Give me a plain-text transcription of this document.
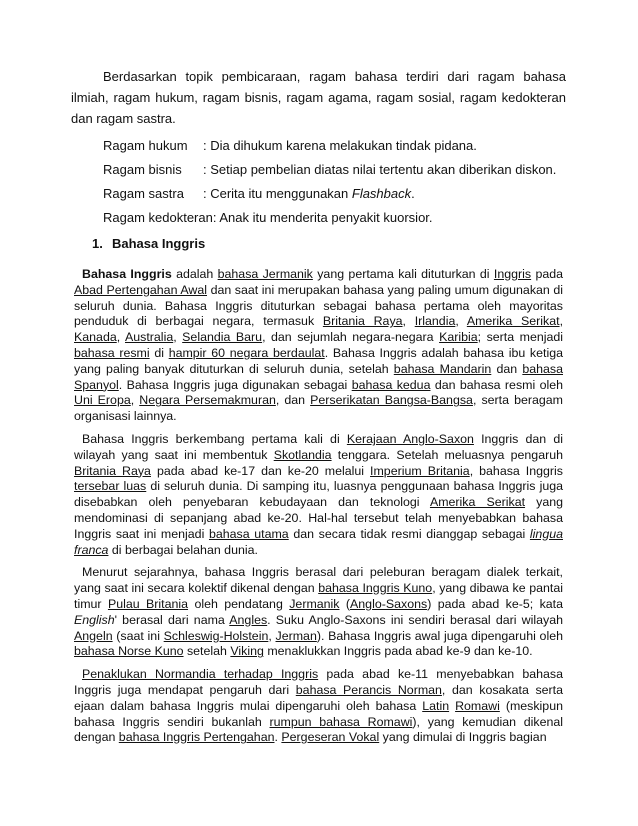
Berdasarkan topik pembicaraan, ragam bahasa terdiri dari ragam bahasa ilmiah, ragam hukum, ragam bisnis, ragam agama, ragam sosial, ragam kedokteran dan ragam sastra.

Ragam hukum : Dia dihukum karena melakukan tindak pidana.
Ragam bisnis : Setiap pembelian diatas nilai tertentu akan diberikan diskon.
Ragam sastra : Cerita itu menggunakan Flashback.
Ragam kedokteran: Anak itu menderita penyakit kuorsior.
1. Bahasa Inggris

Bahasa Inggris adalah bahasa Jermanik yang pertama kali dituturkan di Inggris pada Abad Pertengahan Awal dan saat ini merupakan bahasa yang paling umum digunakan di seluruh dunia. Bahasa Inggris dituturkan sebagai bahasa pertama oleh mayoritas penduduk di berbagai negara, termasuk Britania Raya, Irlandia, Amerika Serikat, Kanada, Australia, Selandia Baru, dan sejumlah negara-negara Karibia; serta menjadi bahasa resmi di hampir 60 negara berdaulat. Bahasa Inggris adalah bahasa ibu ketiga yang paling banyak dituturkan di seluruh dunia, setelah bahasa Mandarin dan bahasa Spanyol. Bahasa Inggris juga digunakan sebagai bahasa kedua dan bahasa resmi oleh Uni Eropa, Negara Persemakmuran, dan Perserikatan Bangsa-Bangsa, serta beragam organisasi lainnya.

Bahasa Inggris berkembang pertama kali di Kerajaan Anglo-Saxon Inggris dan di wilayah yang saat ini membentuk Skotlandia tenggara. Setelah meluasnya pengaruh Britania Raya pada abad ke-17 dan ke-20 melalui Imperium Britania, bahasa Inggris tersebar luas di seluruh dunia. Di samping itu, luasnya penggunaan bahasa Inggris juga disebabkan oleh penyebaran kebudayaan dan teknologi Amerika Serikat yang mendominasi di sepanjang abad ke-20. Hal-hal tersebut telah menyebabkan bahasa Inggris saat ini menjadi bahasa utama dan secara tidak resmi dianggap sebagai lingua franca di berbagai belahan dunia.

Menurut sejarahnya, bahasa Inggris berasal dari peleburan beragam dialek terkait, yang saat ini secara kolektif dikenal dengan bahasa Inggris Kuno, yang dibawa ke pantai timur Pulau Britania oleh pendatang Jermanik (Anglo-Saxons) pada abad ke-5; kata English' berasal dari nama Angles. Suku Anglo-Saxons ini sendiri berasal dari wilayah Angeln (saat ini Schleswig-Holstein, Jerman). Bahasa Inggris awal juga dipengaruhi oleh bahasa Norse Kuno setelah Viking menaklukkan Inggris pada abad ke-9 dan ke-10.

Penaklukan Normandia terhadap Inggris pada abad ke-11 menyebabkan bahasa Inggris juga mendapat pengaruh dari bahasa Perancis Norman, dan kosakata serta ejaan dalam bahasa Inggris mulai dipengaruhi oleh bahasa Latin Romawi (meskipun bahasa Inggris sendiri bukanlah rumpun bahasa Romawi), yang kemudian dikenal dengan bahasa Inggris Pertengahan. Pergeseran Vokal yang dimulai di Inggris bagian
